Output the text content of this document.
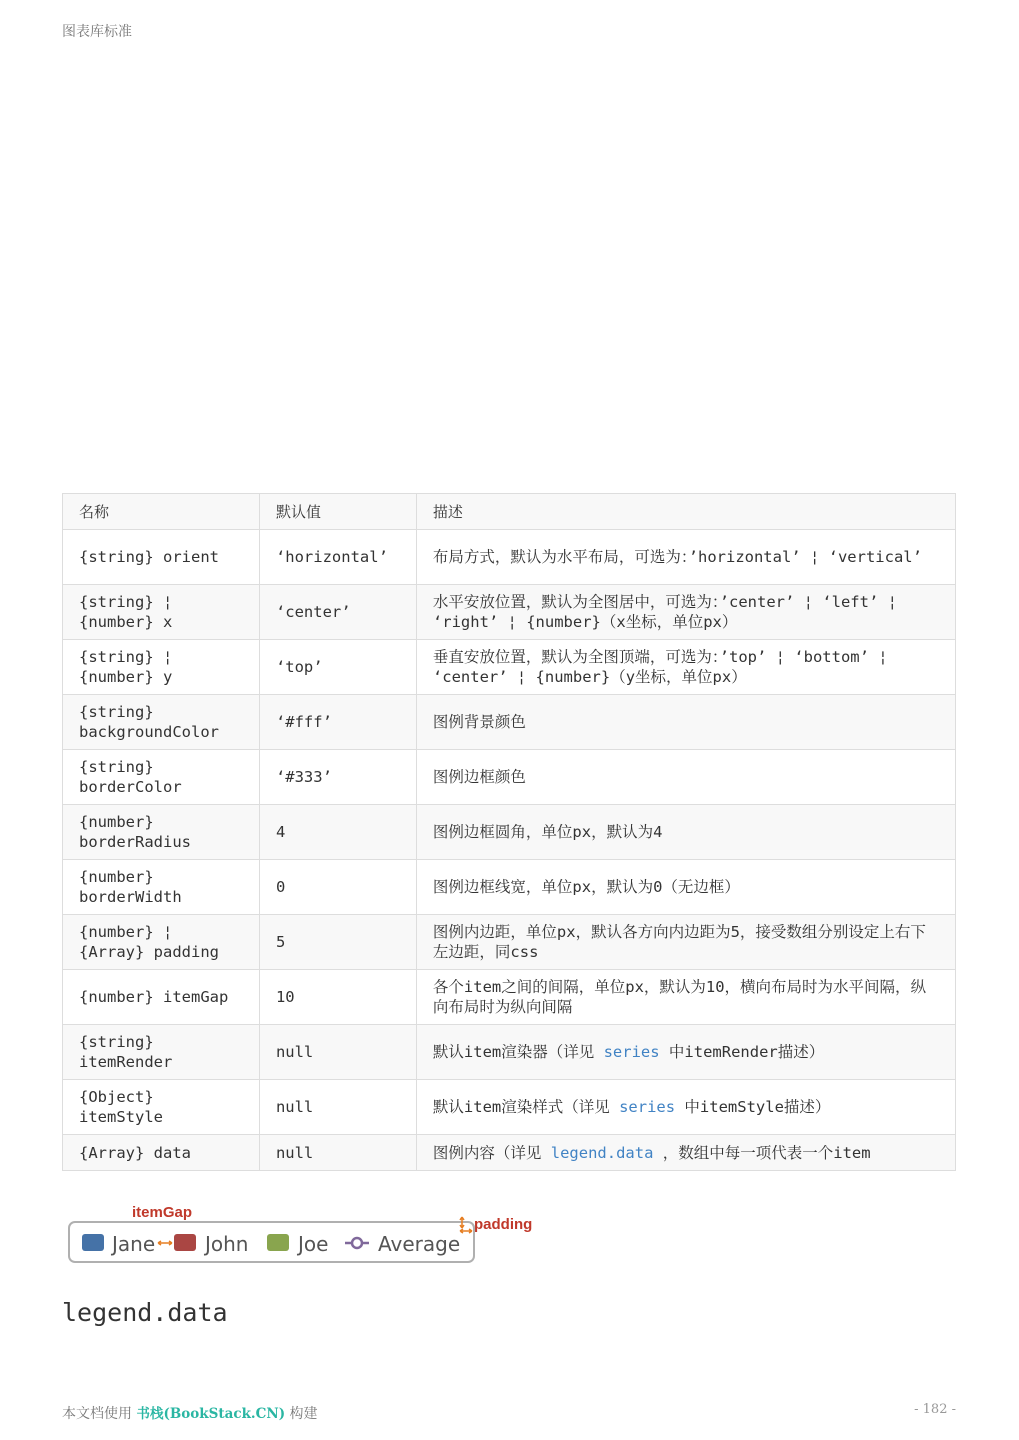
图表库标准
名称	默认值	描述
{string} orient	‘horizontal’	布局方式，默认为水平布局，可选为：’horizontal’ ¦ ‘vertical’
{string} ¦ {number} x	‘center’	水平安放位置，默认为全图居中，可选为：’center’ ¦ ‘left’ ¦ ‘right’ ¦ {number}（x坐标，单位px）
{string} ¦ {number} y	‘top’	垂直安放位置，默认为全图顶端，可选为：’top’ ¦ ‘bottom’ ¦ ‘center’ ¦ {number}（y坐标，单位px）
{string} backgroundColor	‘#fff’	图例背景颜色
{string} borderColor	‘#333’	图例边框颜色
{number} borderRadius	4	图例边框圆角，单位px，默认为4
{number} borderWidth	0	图例边框线宽，单位px，默认为0（无边框）
{number} ¦ {Array} padding	5	图例内边距，单位px，默认各方向内边距为5，接受数组分别设定上右下左边距，同css
{number} itemGap	10	各个item之间的间隔，单位px，默认为10，横向布局时为水平间隔，纵向布局时为纵向间隔
{string} itemRender	null	默认item渲染器（详见 series 中itemRender描述）
{Object} itemStyle	null	默认item渲染样式（详见 series 中itemStyle描述）
{Array} data	null	图例内容（详见 legend.data ，数组中每一项代表一个item
itemGap
padding
Jane John Joe Average
legend.data
本文档使用 书栈(BookStack.CN) 构建	- 182 -
